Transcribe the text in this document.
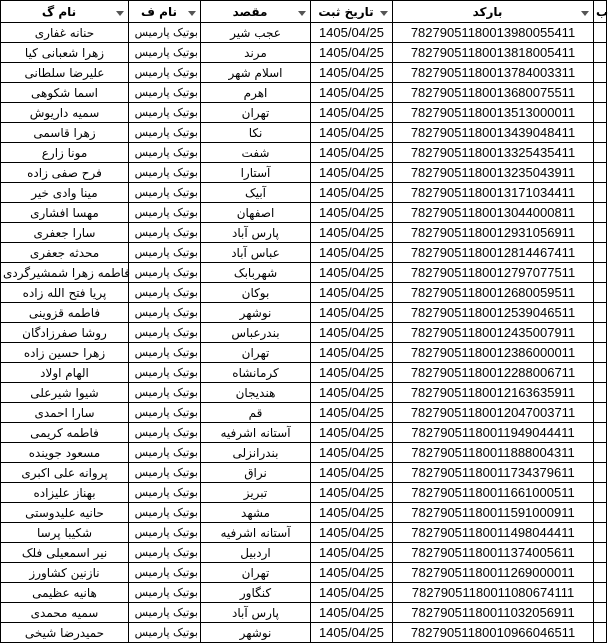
نام گ	نام ف	مقصد	تاریخ ثبت	بارکد	ب
حنانه غفاری	بوتیک پارمیس	عجب شیر	1405/04/25	78279051180013980055411	
زهرا شعبانی کیا	بوتیک پارمیس	مرند	1405/04/25	78279051180013818005411	
علیرضا سلطانی	بوتیک پارمیس	اسلام شهر	1405/04/25	78279051180013784003311	
اسما شکوهی	بوتیک پارمیس	اهرم	1405/04/25	78279051180013680075511	
سمیه داریوش	بوتیک پارمیس	تهران	1405/04/25	78279051180013513000011	
زهرا قاسمی	بوتیک پارمیس	نکا	1405/04/25	78279051180013439048411	
مونا زارع	بوتیک پارمیس	شفت	1405/04/25	78279051180013325435411	
فرح صفی زاده	بوتیک پارمیس	آستارا	1405/04/25	78279051180013235043911	
مینا وادی خیر	بوتیک پارمیس	آبیک	1405/04/25	78279051180013171034411	
مهسا افشاری	بوتیک پارمیس	اصفهان	1405/04/25	78279051180013044000811	
سارا جعفری	بوتیک پارمیس	پارس آباد	1405/04/25	78279051180012931056911	
محدثه جعفری	بوتیک پارمیس	عباس آباد	1405/04/25	78279051180012814467411	
فاطمه زهرا شمشیرگردی	بوتیک پارمیس	شهربابک	1405/04/25	78279051180012797077511	
پریا فتح الله زاده	بوتیک پارمیس	بوکان	1405/04/25	78279051180012680059511	
فاطمه قزوینی	بوتیک پارمیس	نوشهر	1405/04/25	78279051180012539046511	
روشا صفرزادگان	بوتیک پارمیس	بندرعباس	1405/04/25	78279051180012435007911	
زهرا حسین زاده	بوتیک پارمیس	تهران	1405/04/25	78279051180012386000011	
الهام اولاد	بوتیک پارمیس	کرمانشاه	1405/04/25	78279051180012288006711	
شیوا شیرعلی	بوتیک پارمیس	هندیجان	1405/04/25	78279051180012163635911	
سارا احمدی	بوتیک پارمیس	قم	1405/04/25	78279051180012047003711	
فاطمه کریمی	بوتیک پارمیس	آستانه اشرفیه	1405/04/25	78279051180011949044411	
مسعود جوینده	بوتیک پارمیس	بندرانزلی	1405/04/25	78279051180011888004311	
پروانه علی اکبری	بوتیک پارمیس	نراق	1405/04/25	78279051180011734379611	
بهناز علیزاده	بوتیک پارمیس	تبریز	1405/04/25	78279051180011661000511	
حانیه علیدوستی	بوتیک پارمیس	مشهد	1405/04/25	78279051180011591000911	
شکیبا پرسا	بوتیک پارمیس	آستانه اشرفیه	1405/04/25	78279051180011498044411	
نیر اسمعیلی فلک	بوتیک پارمیس	اردبیل	1405/04/25	78279051180011374005611	
نازنین کشاورز	بوتیک پارمیس	تهران	1405/04/25	78279051180011269000011	
هانیه عظیمی	بوتیک پارمیس	کنگاور	1405/04/25	78279051180011080674111	
سمیه محمدی	بوتیک پارمیس	پارس آباد	1405/04/25	78279051180011032056911	
حمیدرضا شیخی	بوتیک پارمیس	نوشهر	1405/04/25	78279051180010966046511	
